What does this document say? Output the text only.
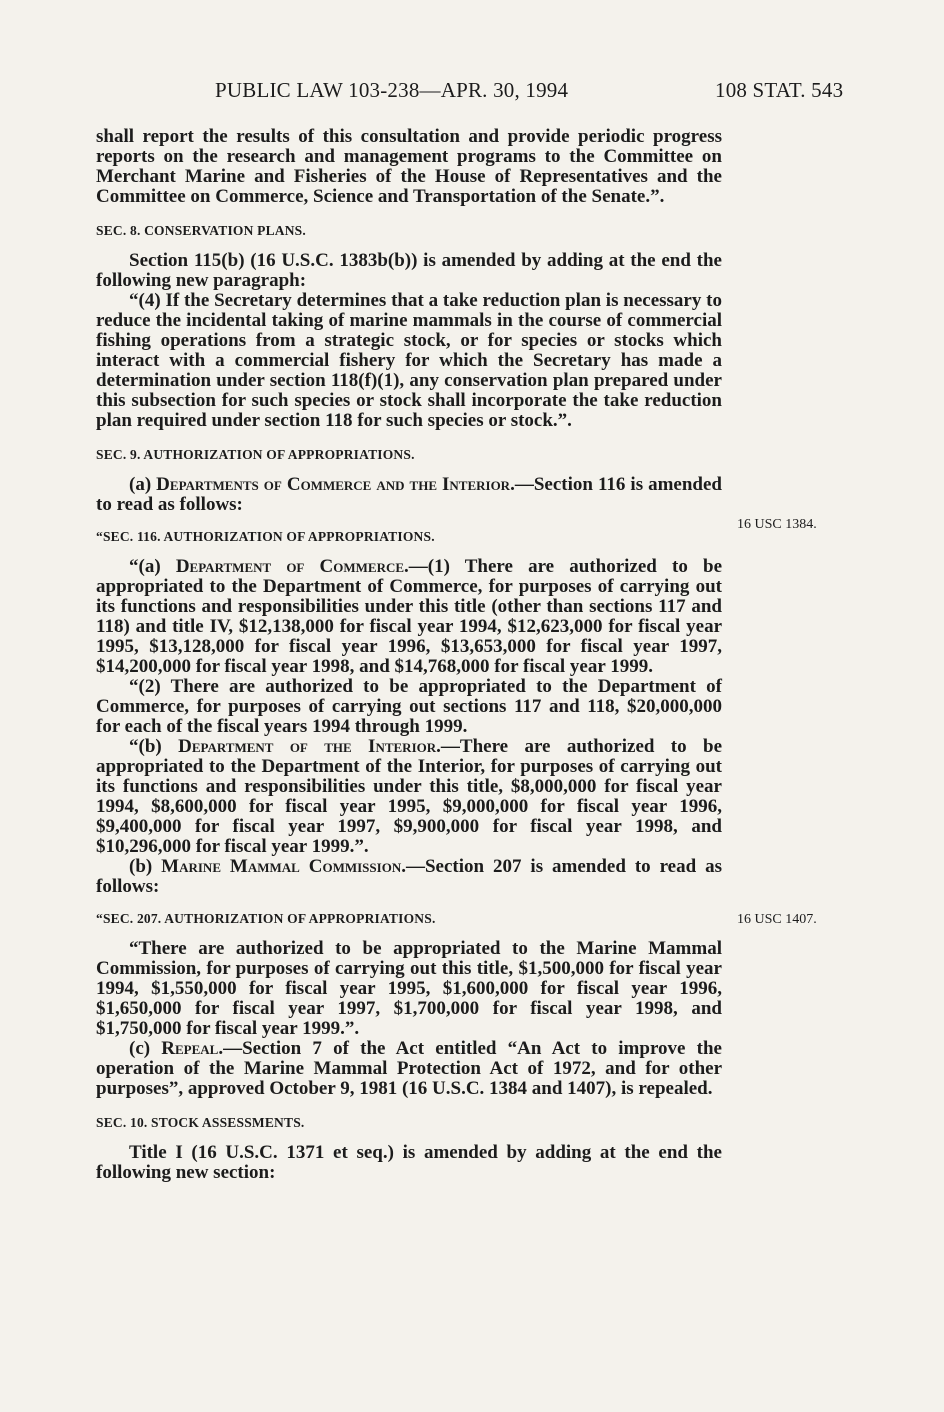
PUBLIC LAW 103-238—APR. 30, 1994	108 STAT. 543
16 USC 1384.
16 USC 1407.

shall report the results of this consultation and provide periodic progress reports on the research and management programs to the Committee on Merchant Marine and Fisheries of the House of Representatives and the Committee on Commerce, Science and Transportation of the Senate.”.

SEC. 8. CONSERVATION PLANS.

Section 115(b) (16 U.S.C. 1383b(b)) is amended by adding at the end the following new paragraph:

“(4) If the Secretary determines that a take reduction plan is necessary to reduce the incidental taking of marine mammals in the course of commercial fishing operations from a strategic stock, or for species or stocks which interact with a commercial fishery for which the Secretary has made a determination under section 118(f)(1), any conservation plan prepared under this subsection for such species or stock shall incorporate the take reduction plan required under section 118 for such species or stock.”.

SEC. 9. AUTHORIZATION OF APPROPRIATIONS.

(a) Departments of Commerce and the Interior.—Section 116 is amended to read as follows:

“SEC. 116. AUTHORIZATION OF APPROPRIATIONS.

“(a) Department of Commerce.—(1) There are authorized to be appropriated to the Department of Commerce, for purposes of carrying out its functions and responsibilities under this title (other than sections 117 and 118) and title IV, $12,138,000 for fiscal year 1994, $12,623,000 for fiscal year 1995, $13,128,000 for fiscal year 1996, $13,653,000 for fiscal year 1997, $14,200,000 for fiscal year 1998, and $14,768,000 for fiscal year 1999.

“(2) There are authorized to be appropriated to the Department of Commerce, for purposes of carrying out sections 117 and 118, $20,000,000 for each of the fiscal years 1994 through 1999.

“(b) Department of the Interior.—There are authorized to be appropriated to the Department of the Interior, for purposes of carrying out its functions and responsibilities under this title, $8,000,000 for fiscal year 1994, $8,600,000 for fiscal year 1995, $9,000,000 for fiscal year 1996, $9,400,000 for fiscal year 1997, $9,900,000 for fiscal year 1998, and $10,296,000 for fiscal year 1999.”.

(b) Marine Mammal Commission.—Section 207 is amended to read as follows:

“SEC. 207. AUTHORIZATION OF APPROPRIATIONS.

“There are authorized to be appropriated to the Marine Mammal Commission, for purposes of carrying out this title, $1,500,000 for fiscal year 1994, $1,550,000 for fiscal year 1995, $1,600,000 for fiscal year 1996, $1,650,000 for fiscal year 1997, $1,700,000 for fiscal year 1998, and $1,750,000 for fiscal year 1999.”.

(c) Repeal.—Section 7 of the Act entitled “An Act to improve the operation of the Marine Mammal Protection Act of 1972, and for other purposes”, approved October 9, 1981 (16 U.S.C. 1384 and 1407), is repealed.

SEC. 10. STOCK ASSESSMENTS.

Title I (16 U.S.C. 1371 et seq.) is amended by adding at the end the following new section:
